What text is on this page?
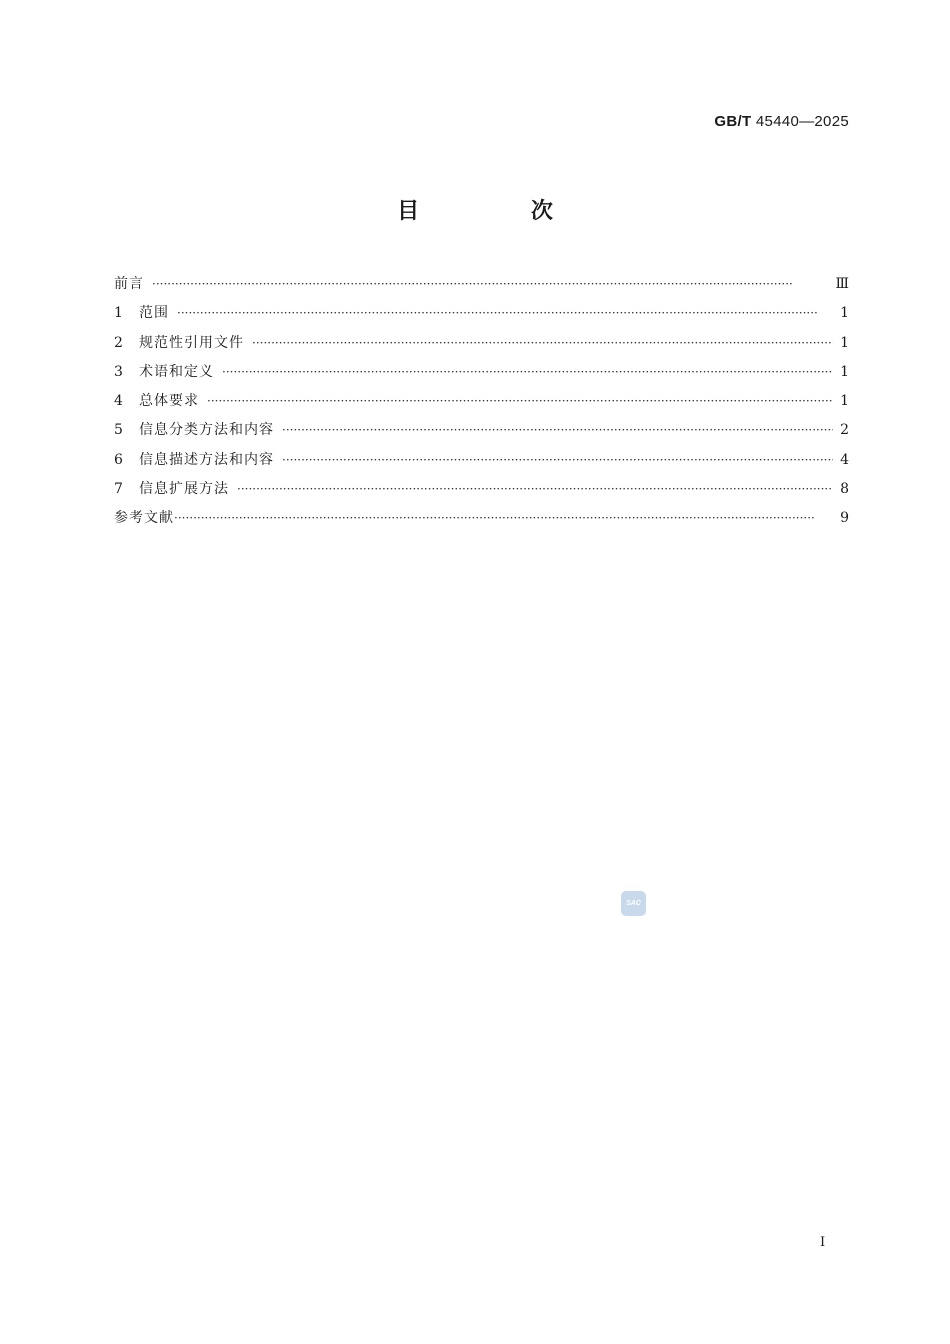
GB/T 45440—2025
目 次
前言 ·····	Ⅲ
1	范围 ·····	1
2	规范性引用文件 ·····	1
3	术语和定义 ·····	1
4	总体要求 ·····	1
5	信息分类方法和内容 ·····	2
6	信息描述方法和内容 ·····	4
7	信息扩展方法 ·····	8
参考文献 ·····	9
SAC
I
